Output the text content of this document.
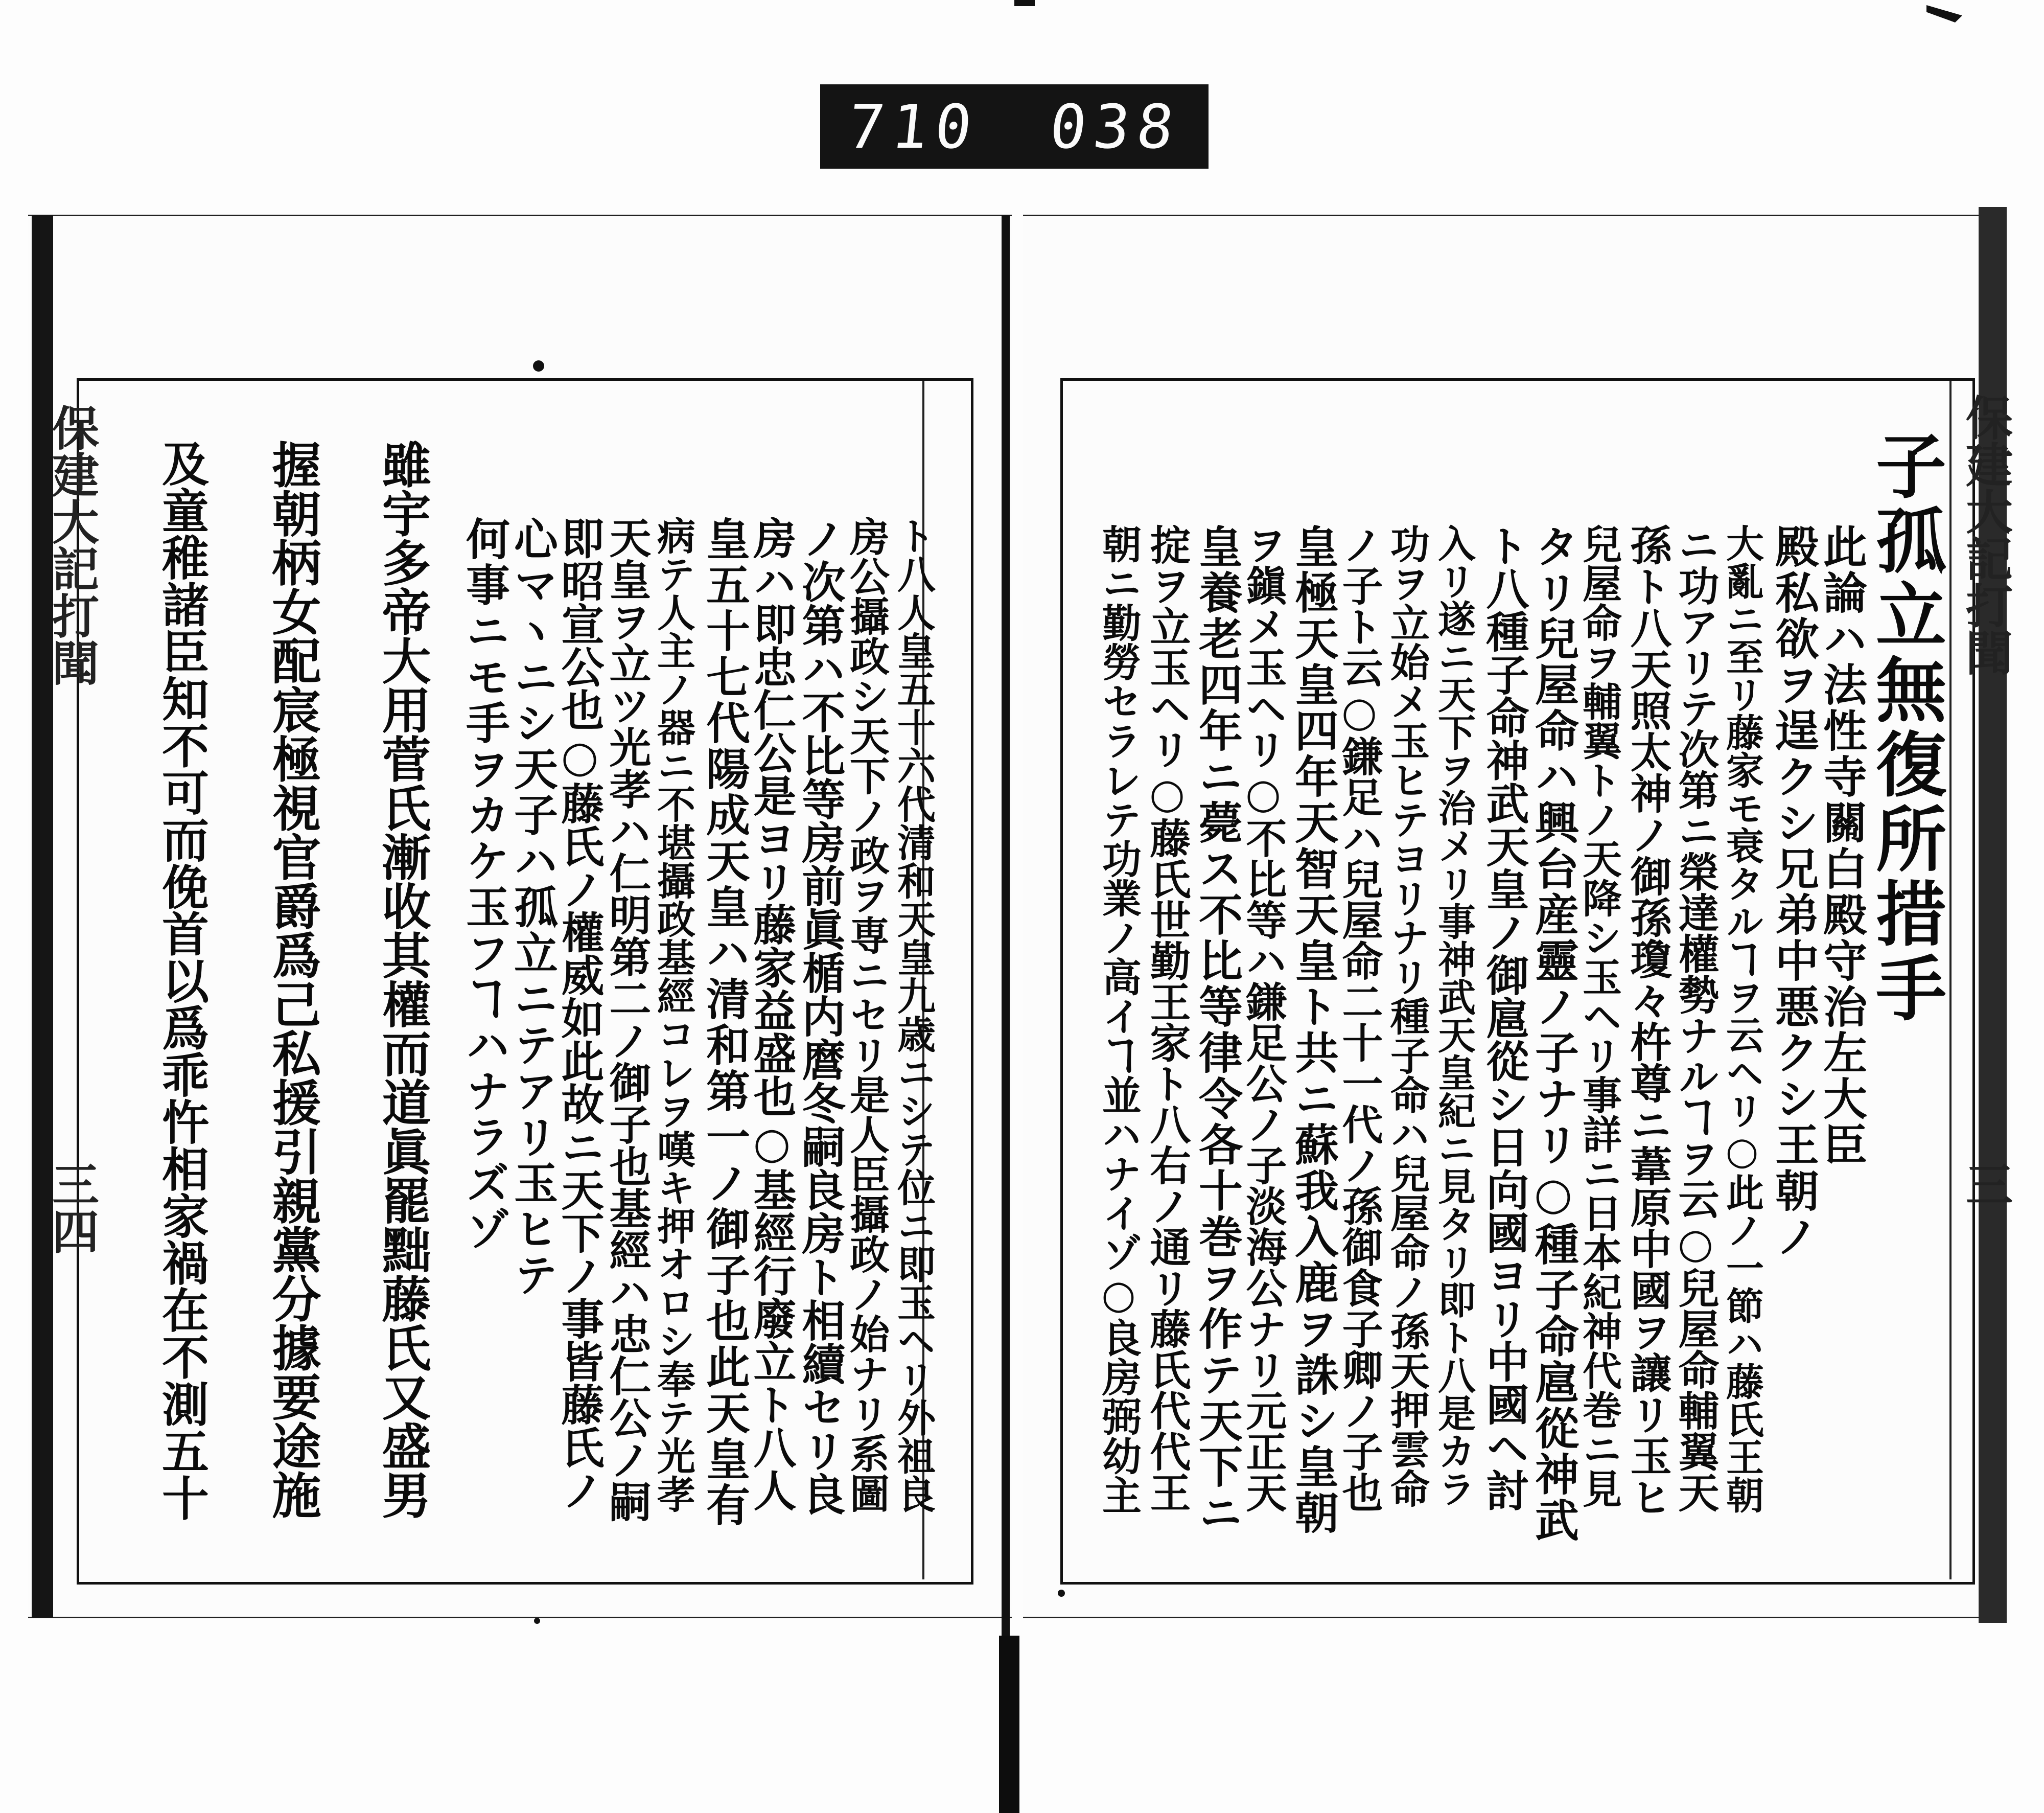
710 038
保建大記打聞
三四
保建大記打聞
三
子孤立無復所措手
此論ハ法性寺關白殿守治左大臣
殿私欲ヲ逞クシ兄弟中悪クシ王朝ノ
大亂ニ至リ藤家モ衰タルヿヲ云ヘリ○此ノ一節ハ藤氏王朝
ニ功アリテ次第ニ榮達權勢ナルヿヲ云○兒屋命輔翼天
孫ト八天照太神ノ御孫瓊々杵尊ニ葦原中國ヲ讓リ玉ヒ
兒屋命ヲ輔翼トノ天降シ玉ヘリ事詳ニ日本紀神代巻ニ見
タリ兒屋命ハ興台産靈ノ子ナリ○種子命扈從神武
ト八種子命神武天皇ノ御扈從シ日向國ヨリ中國ヘ討
入リ遂ニ天下ヲ治メリ事神武天皇紀ニ見タリ即ト八是カラ
功ヲ立始メ玉ヒテヨリナリ種子命ハ兒屋命ノ孫天押雲命
ノ子ト云○鎌足ハ兒屋命二十一代ノ孫御食子卿ノ子也
皇極天皇四年天智天皇ト共ニ蘇我入鹿ヲ誅シ皇朝
ヲ鎭メ玉ヘリ○不比等ハ鎌足公ノ子淡海公ナリ元正天
皇養老四年ニ薨ス不比等律令各十巻ヲ作テ天下ニ
掟ヲ立玉ヘリ○藤氏世勤王家ト八右ノ通リ藤氏代代王
朝ニ勤勞セラレテ功業ノ高イヿ並ハナイゾ○良房弼幼主
ト八人皇五十六代清和天皇九歳ニシテ位ニ即玉ヘリ外祖良
房公攝政シ天下ノ政ヲ専ニセリ是人臣攝政ノ始ナリ系圖
ノ次第ハ不比等房前眞楯内麿冬嗣良房ト相續セリ良
房ハ即忠仁公是ヨリ藤家益盛也○基經行廢立ト八人
皇五十七代陽成天皇ハ清和第一ノ御子也此天皇有
病テ人主ノ器ニ不堪攝政基經コレヲ嘆キ押オロシ奉テ光孝
天皇ヲ立ツ光孝ハ仁明第二ノ御子也基經ハ忠仁公ノ嗣
即昭宣公也○藤氏ノ權威如此故ニ天下ノ事皆藤氏ノ
心マヽニシ天子ハ孤立ニテアリ玉ヒテ
何事ニモ手ヲカケ玉フヿハナラズゾ
雖宇多帝大用菅氏漸收其權而道眞罷黜藤氏又盛男
握朝柄女配宸極視官爵爲己私援引親黨分據要途施
及童稚諸臣知不可而俛首以爲乖忤相家禍在不測五十
